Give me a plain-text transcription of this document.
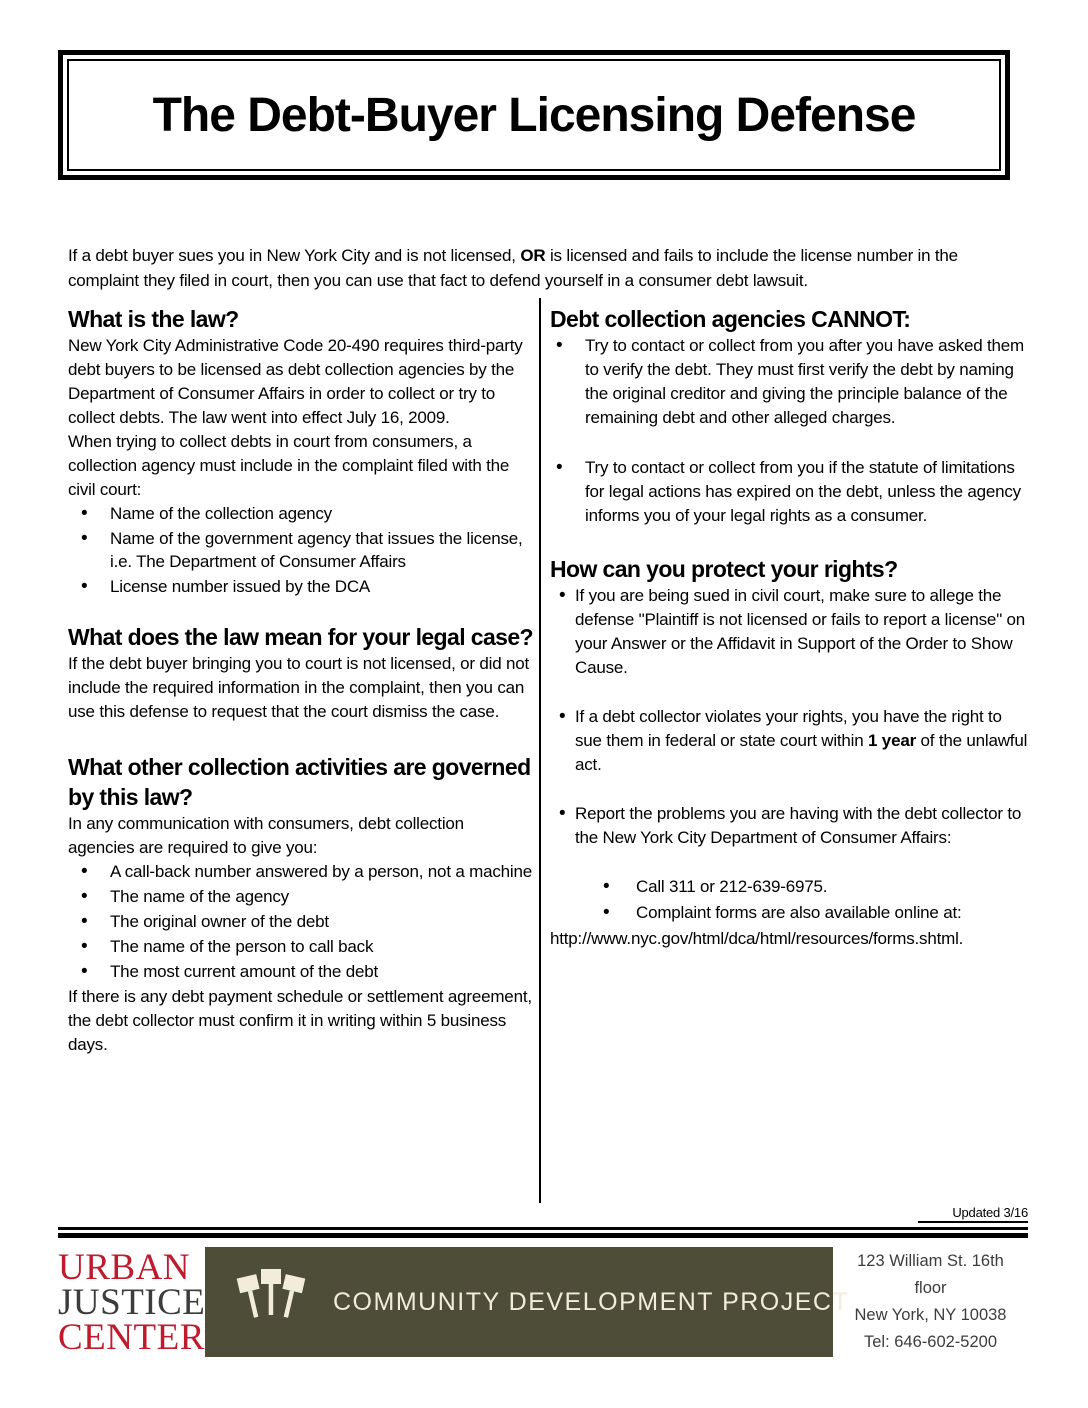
The Debt-Buyer Licensing Defense

If a debt buyer sues you in New York City and is not licensed, OR is licensed and fails to include the license number in the complaint they filed in court, then you can use that fact to defend yourself in a consumer debt lawsuit.

What is the law?

New York City Administrative Code 20-490 requires third-party debt buyers to be licensed as debt collection agencies by the Department of Consumer Affairs in order to collect or try to collect debts. The law went into effect July 16, 2009.

When trying to collect debts in court from consumers, a collection agency must include in the complaint filed with the civil court:

• Name of the collection agency
• Name of the government agency that issues the license, i.e. The Department of Consumer Affairs
• License number issued by the DCA
What does the law mean for your legal case?

If the debt buyer bringing you to court is not licensed, or did not include the required information in the complaint, then you can use this defense to request that the court dismiss the case.

What other collection activities are governed by this law?

In any communication with consumers, debt collection agencies are required to give you:

• A call-back number answered by a person, not a machine
• The name of the agency
• The original owner of the debt
• The name of the person to call back
• The most current amount of the debt

If there is any debt payment schedule or settlement agreement, the debt collector must confirm it in writing within 5 business days.

Debt collection agencies CANNOT:
• Try to contact or collect from you after you have asked them to verify the debt. They must first verify the debt by naming the original creditor and giving the principle balance of the remaining debt and other alleged charges.
• Try to contact or collect from you if the statute of limitations for legal actions has expired on the debt, unless the agency informs you of your legal rights as a consumer.
How can you protect your rights?
• If you are being sued in civil court, make sure to allege the defense "Plaintiff is not licensed or fails to report a license" on your Answer or the Affidavit in Support of the Order to Show Cause.
• If a debt collector violates your rights, you have the right to sue them in federal or state court within 1 year of the unlawful act.
• Report the problems you are having with the debt collector to the New York City Department of Consumer Affairs:
• Call 311 or 212-639-6975.
• Complaint forms are also available online at:

http://www.nyc.gov/html/dca/html/resources/forms.shtml.

Updated 3/16
URBAN
JUSTICE
CENTER
COMMUNITY DEVELOPMENT PROJECT
123 William St. 16th
floor
New York, NY 10038
Tel: 646-602-5200
